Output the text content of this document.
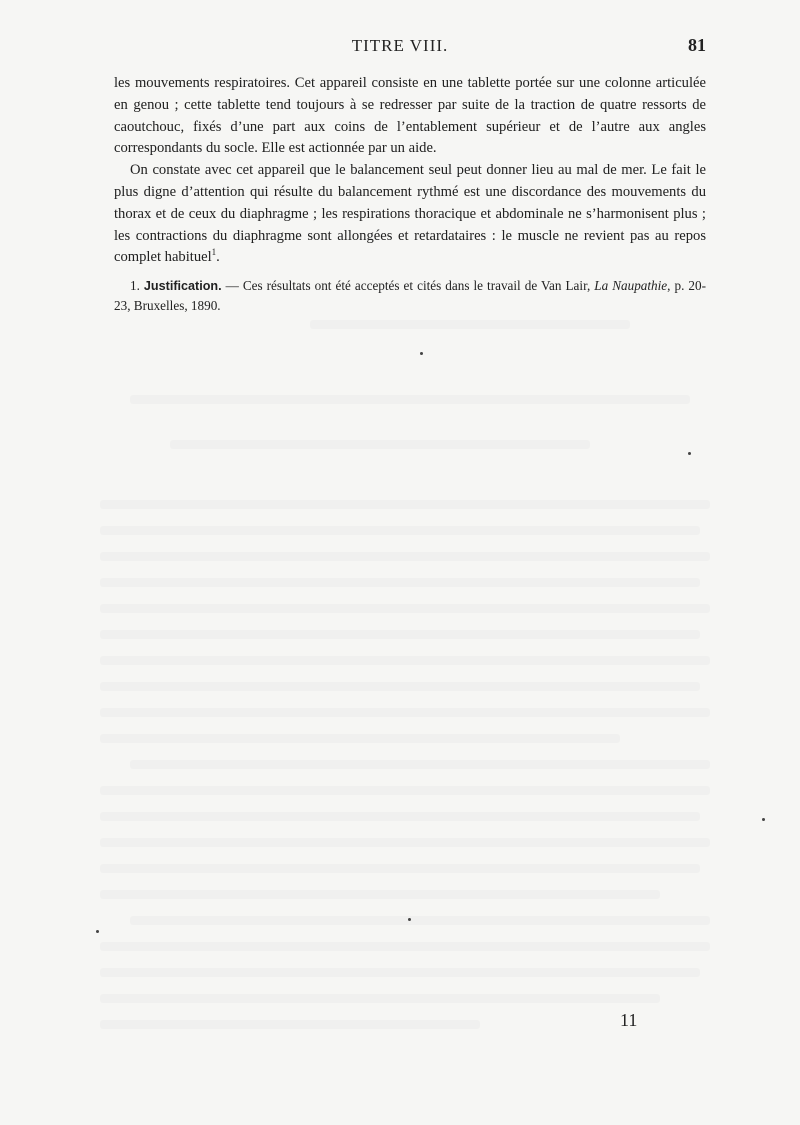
TITRE VIII.	81

les mouvements respiratoires. Cet appareil consiste en une tablette portée sur une colonne articulée en genou ; cette tablette tend toujours à se redresser par suite de la traction de quatre ressorts de caoutchouc, fixés d’une part aux coins de l’entablement supérieur et de l’autre aux angles correspondants du socle. Elle est actionnée par un aide.

On constate avec cet appareil que le balancement seul peut donner lieu au mal de mer. Le fait le plus digne d’attention qui résulte du balancement rythmé est une discordance des mouvements du thorax et de ceux du diaphragme ; les respirations thoracique et abdominale ne s’harmonisent plus ; les contractions du diaphragme sont allongées et retardataires : le muscle ne revient pas au repos complet habituel$^1$.

1. Justification. — Ces résultats ont été acceptés et cités dans le travail de Van Lair, La Naupathie, p. 20-23, Bruxelles, 1890.

11
